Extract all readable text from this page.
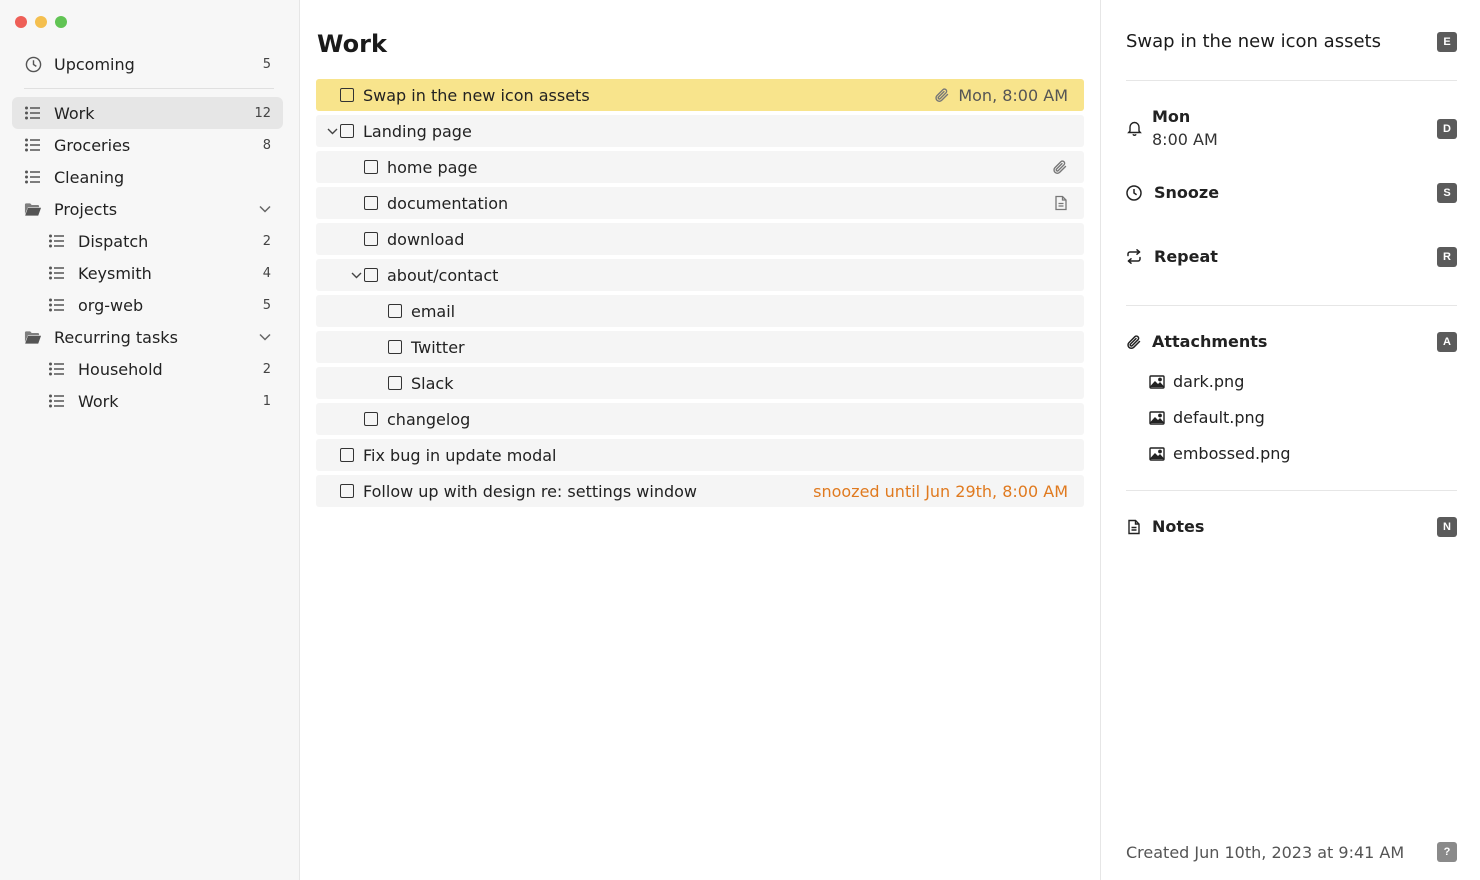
Upcoming	5
Work	12
Groceries	8
Cleaning
Projects
Dispatch	2
Keysmith	4
org-web	5
Recurring tasks
Household	2
Work	1
Work
Swap in the new icon assets	Mon, 8:00 AM
Landing page
home page
documentation
download
about/contact
email
Twitter
Slack
changelog
Fix bug in update modal
Follow up with design re: settings window	snoozed until Jun 29th, 8:00 AM
Swap in the new icon assets	E
Mon
8:00 AM
D
Snooze	S
Repeat	R
Attachments	A
dark.png
default.png
embossed.png
Notes	N
Created Jun 10th, 2023 at 9:41 AM	?
